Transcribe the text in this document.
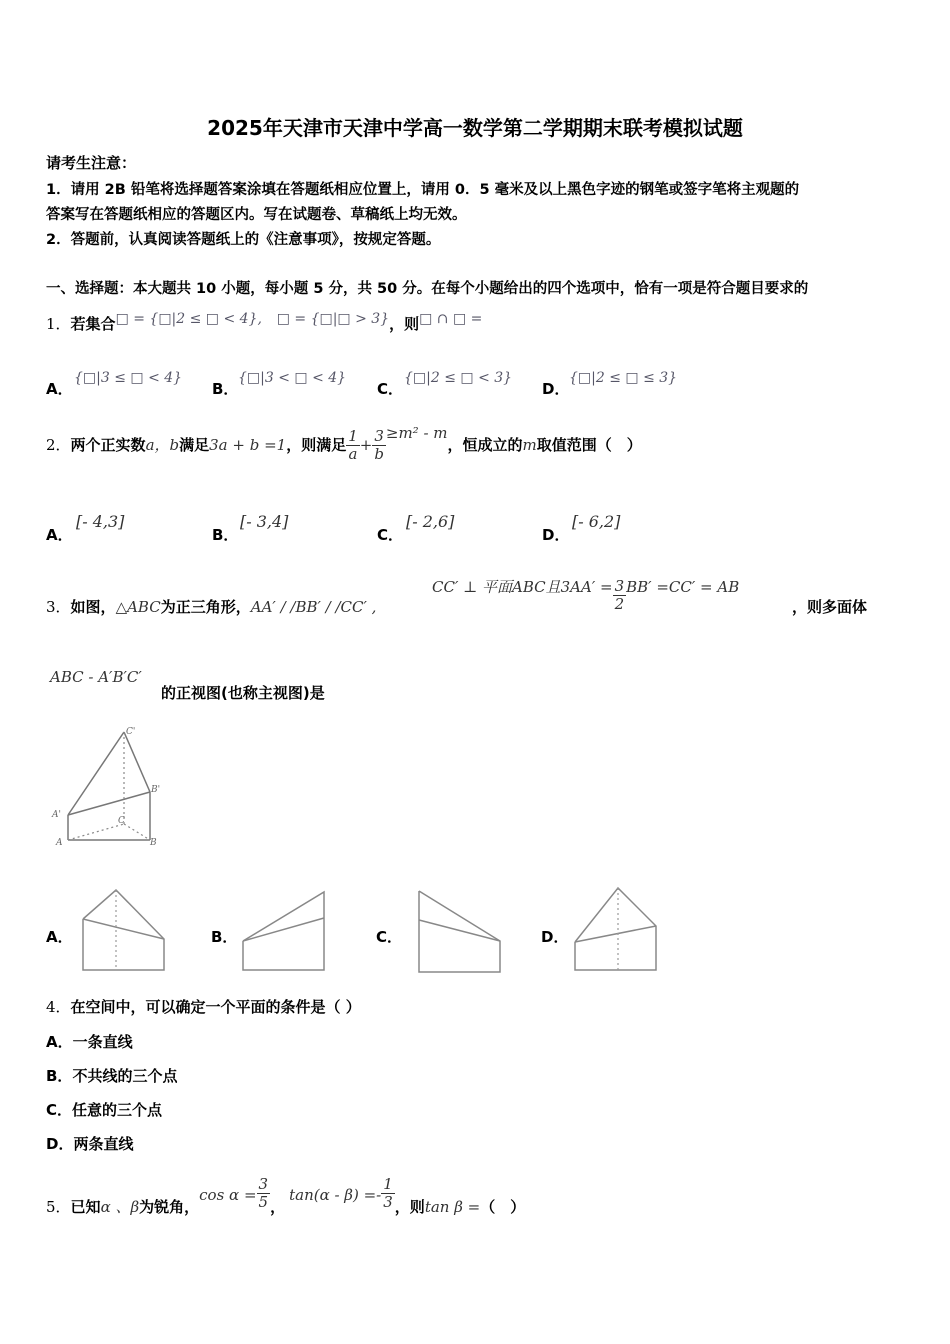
2025年天津市天津中学高一数学第二学期期末联考模拟试题
请考生注意：
1．请用 2B 铅笔将选择题答案涂填在答题纸相应位置上，请用 0．5 毫米及以上黑色字迹的钢笔或签字笔将主观题的
答案写在答题纸相应的答题区内。写在试题卷、草稿纸上均无效。
2．答题前，认真阅读答题纸上的《注意事项》，按规定答题。
一、选择题：本大题共 10 小题，每小题 5 分，共 50 分。在每个小题给出的四个选项中，恰有一项是符合题目要求的
1．若集合□ = {□|2 ≤ □ < 4}, □ = {□|□ > 3}，则□ ∩ □ =
A．
{□|3 ≤ □ < 4}
B．
{□|3 < □ < 4}
C．
{□|2 ≤ □ < 3}
D．
{□|2 ≤ □ ≤ 3}
2．两个正实数a，b满足3a + b =1，则满足 $\frac{1}{a} + \frac{3}{b} \ge m^2 - m$，恒成立的m取值范围（　）
A．
[- 4,3]
B．
[- 3,4]
C．
[- 2,6]
D．
[- 6,2]
3．如图，△ABC为正三角形，AA′ / /BB′ / /CC′ ,
CC′ ⊥ 平面ABC且$3AA' = \frac{3}{2} BB' =CC'$ = AB
，则多面体
ABC - A′B′C′
的正视图(也称主视图)是
C'
B'
A'
C
A	B
A．	B．	C．	D．
4．在空间中，可以确定一个平面的条件是（ ）
A．一条直线
B．不共线的三个点
C．任意的三个点
D．两条直线
5．已知α 、β为锐角，$\cos \alpha = \frac{3}{5}$ ，$\tan(\alpha - \beta) =- \frac{1}{3}$ ，则tan β =（　）
